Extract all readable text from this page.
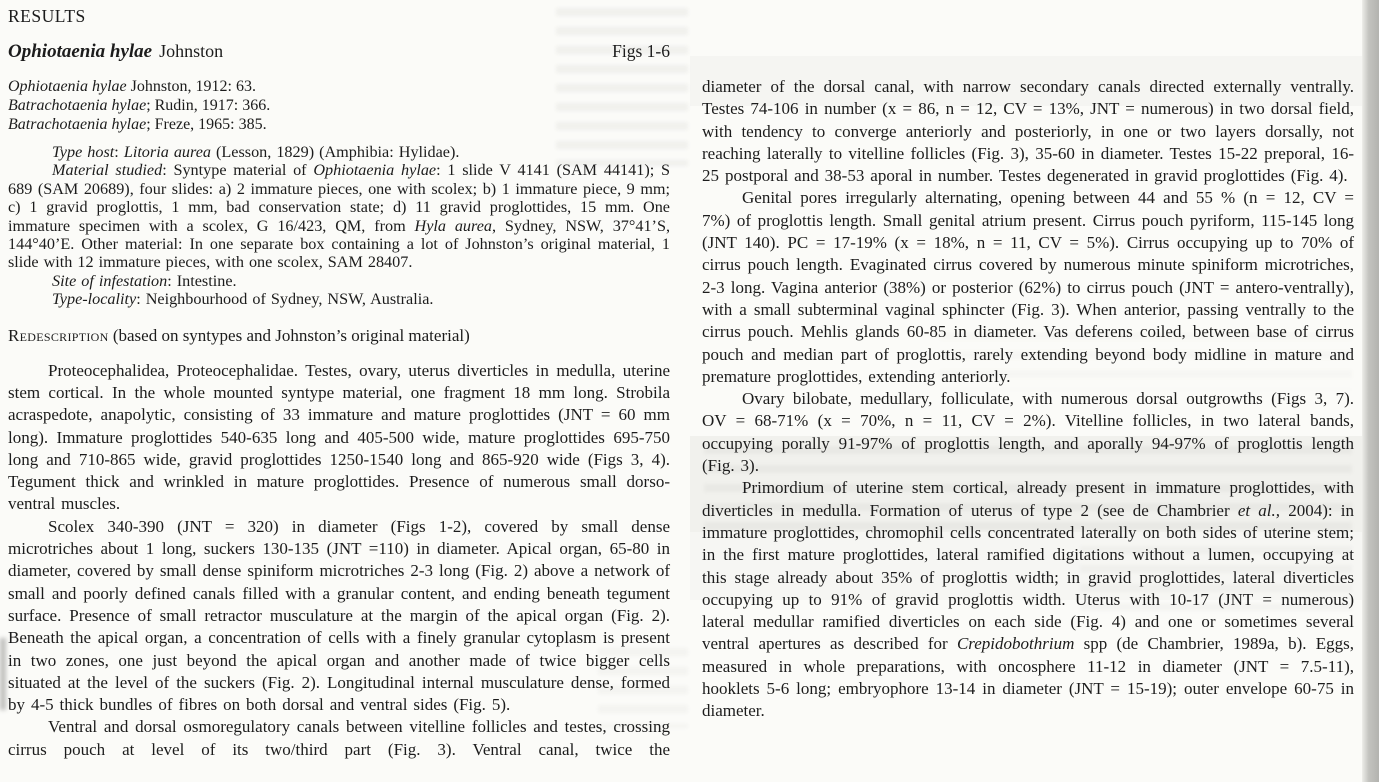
RESULTS
Ophiotaenia hylae Johnston	Figs 1-6

Ophiotaenia hylae Johnston, 1912: 63.

Batrachotaenia hylae; Rudin, 1917: 366.

Batrachotaenia hylae; Freze, 1965: 385.

Type host: Litoria aurea (Lesson, 1829) (Amphibia: Hylidae).

Material studied: Syntype material of Ophiotaenia hylae: 1 slide V 4141 (SAM 44141); S 689 (SAM 20689), four slides: a) 2 immature pieces, one with scolex; b) 1 immature piece, 9 mm; c) 1 gravid proglottis, 1 mm, bad conservation state; d) 11 gravid proglottides, 15 mm. One immature specimen with a scolex, G 16/423, QM, from Hyla aurea, Sydney, NSW, 37°41’S, 144°40’E. Other material: In one separate box containing a lot of Johnston’s original material, 1 slide with 12 immature pieces, with one scolex, SAM 28407.

Site of infestation: Intestine.

Type-locality: Neighbourhood of Sydney, NSW, Australia.

Redescription (based on syntypes and Johnston’s original material)

Proteocephalidea, Proteocephalidae. Testes, ovary, uterus diverticles in medulla, uterine stem cortical. In the whole mounted syntype material, one fragment 18 mm long. Strobila acraspedote, anapolytic, consisting of 33 immature and mature proglottides (JNT = 60 mm long). Immature proglottides 540-635 long and 405-500 wide, mature proglottides 695-750 long and 710-865 wide, gravid proglottides 1250-1540 long and 865-920 wide (Figs 3, 4). Tegument thick and wrinkled in mature proglottides. Presence of numerous small dorso-ventral muscles.

Scolex 340-390 (JNT = 320) in diameter (Figs 1-2), covered by small dense microtriches about 1 long, suckers 130-135 (JNT =110) in diameter. Apical organ, 65-80 in diameter, covered by small dense spiniform microtriches 2-3 long (Fig. 2) above a network of small and poorly defined canals filled with a granular content, and ending beneath tegument surface. Presence of small retractor musculature at the margin of the apical organ (Fig. 2). Beneath the apical organ, a concentration of cells with a finely granular cytoplasm is present in two zones, one just beyond the apical organ and another made of twice bigger cells situated at the level of the suckers (Fig. 2). Longitudinal internal musculature dense, formed by 4-5 thick bundles of fibres on both dorsal and ventral sides (Fig. 5).

Ventral and dorsal osmoregulatory canals between vitelline follicles and testes, crossing cirrus pouch at level of its two/third part (Fig. 3). Ventral canal, twice the

diameter of the dorsal canal, with narrow secondary canals directed externally ventrally. Testes 74-106 in number (x = 86, n = 12, CV = 13%, JNT = numerous) in two dorsal field, with tendency to converge anteriorly and posteriorly, in one or two layers dorsally, not reaching laterally to vitelline follicles (Fig. 3), 35-60 in diameter. Testes 15-22 preporal, 16-25 postporal and 38-53 aporal in number. Testes degenerated in gravid proglottides (Fig. 4).

Genital pores irregularly alternating, opening between 44 and 55 % (n = 12, CV = 7%) of proglottis length. Small genital atrium present. Cirrus pouch pyriform, 115-145 long (JNT 140). PC = 17-19% (x = 18%, n = 11, CV = 5%). Cirrus occupying up to 70% of cirrus pouch length. Evaginated cirrus covered by numerous minute spiniform microtriches, 2-3 long. Vagina anterior (38%) or posterior (62%) to cirrus pouch (JNT = antero-ventrally), with a small subterminal vaginal sphincter (Fig. 3). When anterior, passing ventrally to the cirrus pouch. Mehlis glands 60-85 in diameter. Vas deferens coiled, between base of cirrus pouch and median part of proglottis, rarely extending beyond body midline in mature and premature proglottides, extending anteriorly.

Ovary bilobate, medullary, folliculate, with numerous dorsal outgrowths (Figs 3, 7). OV = 68-71% (x = 70%, n = 11, CV = 2%). Vitelline follicles, in two lateral bands, occupying porally 91-97% of proglottis length, and aporally 94-97% of proglottis length (Fig. 3).

Primordium of uterine stem cortical, already present in immature proglottides, with diverticles in medulla. Formation of uterus of type 2 (see de Chambrier et al., 2004): in immature proglottides, chromophil cells concentrated laterally on both sides of uterine stem; in the first mature proglottides, lateral ramified digitations without a lumen, occupying at this stage already about 35% of proglottis width; in gravid proglottides, lateral diverticles occupying up to 91% of gravid proglottis width. Uterus with 10-17 (JNT = numerous) lateral medullar ramified diverticles on each side (Fig. 4) and one or sometimes several ventral apertures as described for Crepidobothrium spp (de Chambrier, 1989a, b). Eggs, measured in whole preparations, with oncosphere 11-12 in diameter (JNT = 7.5-11), hooklets 5-6 long; embryophore 13-14 in diameter (JNT = 15-19); outer envelope 60-75 in diameter.
